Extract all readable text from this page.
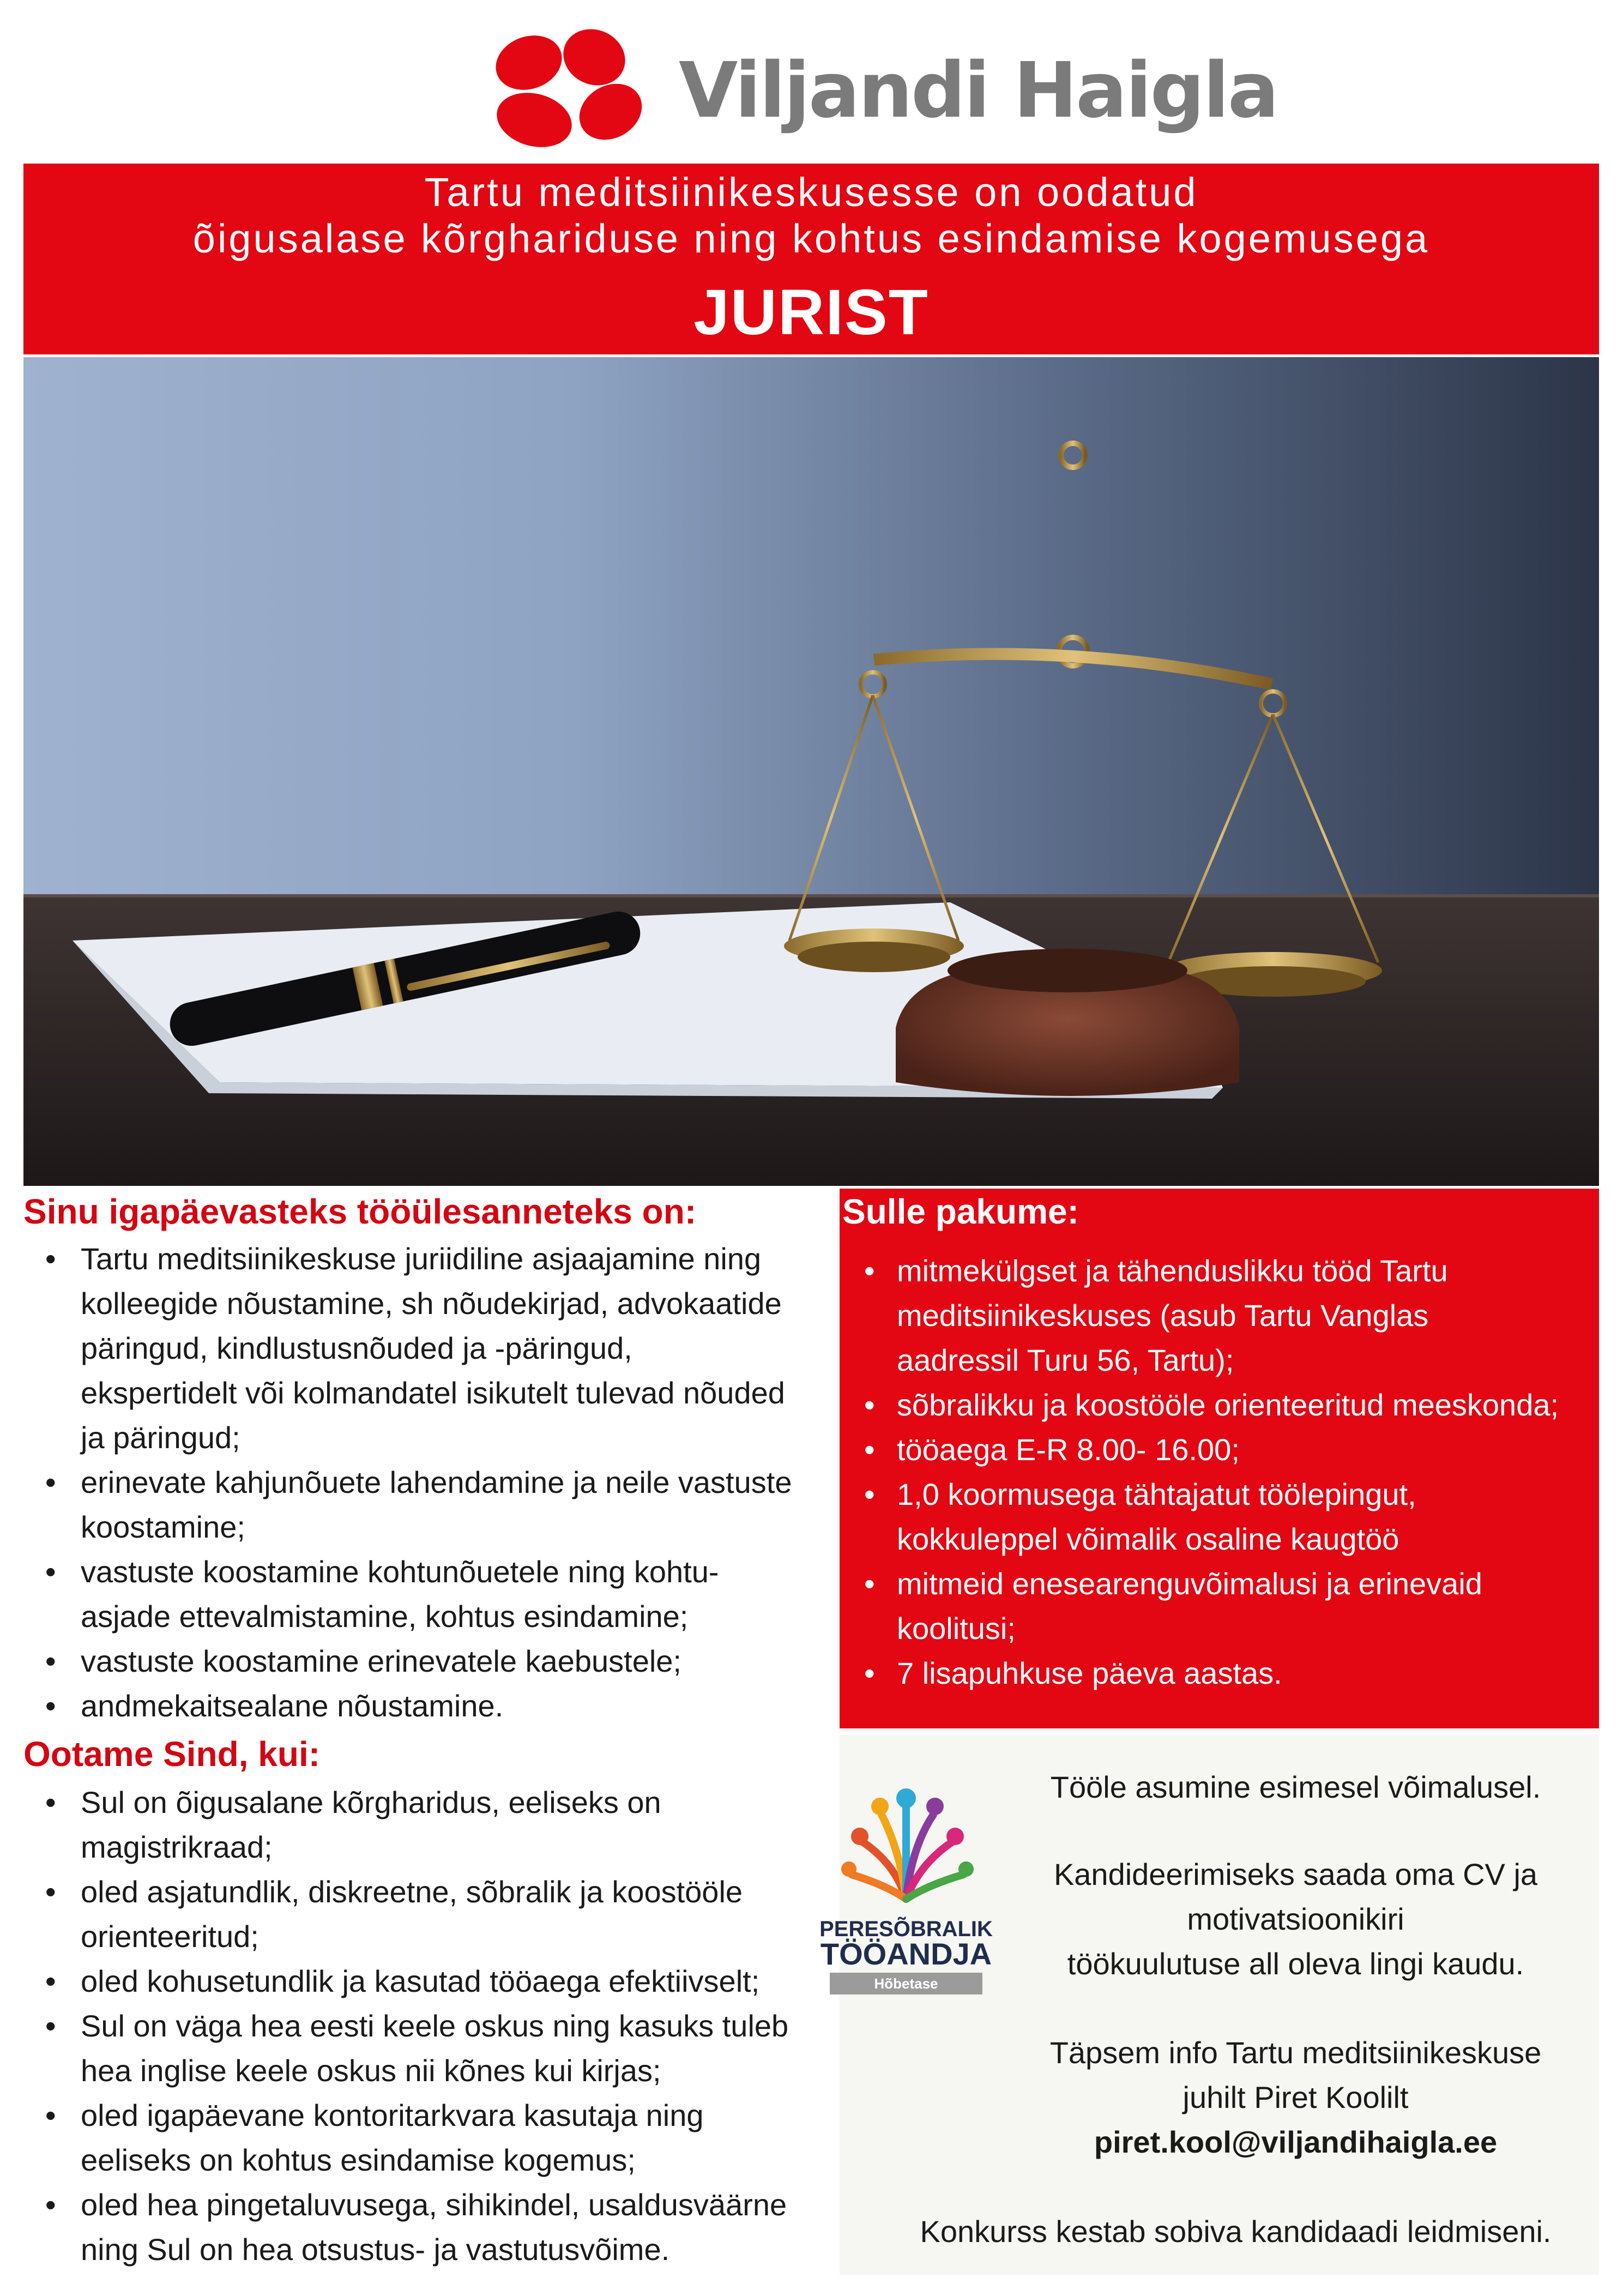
Viljandi Haigla
Tartu meditsiinikeskusesse on oodatud
õigusalase kõrghariduse ning kohtus esindamise kogemusega
JURIST
Sinu igapäevasteks tööülesanneteks on:
• Tartu meditsiinikeskuse juriidiline asjaajamine ning
kolleegide nõustamine, sh nõudekirjad, advokaatide
päringud, kindlustusnõuded ja -päringud,
ekspertidelt või kolmandatel isikutelt tulevad nõuded
ja päringud;
• erinevate kahjunõuete lahendamine ja neile vastuste
koostamine;
• vastuste koostamine kohtunõuetele ning kohtu-
asjade ettevalmistamine, kohtus esindamine;
• vastuste koostamine erinevatele kaebustele;
• andmekaitsealane nõustamine.
Ootame Sind, kui:
• Sul on õigusalane kõrgharidus, eeliseks on
magistrikraad;
• oled asjatundlik, diskreetne, sõbralik ja koostööle
orienteeritud;
• oled kohusetundlik ja kasutad tööaega efektiivselt;
• Sul on väga hea eesti keele oskus ning kasuks tuleb
hea inglise keele oskus nii kõnes kui kirjas;
• oled igapäevane kontoritarkvara kasutaja ning
eeliseks on kohtus esindamise kogemus;
• oled hea pingetaluvusega, sihikindel, usaldusväärne
ning Sul on hea otsustus- ja vastutusvõime.
Sulle pakume:
• mitmekülgset ja tähenduslikku tööd Tartu
meditsiinikeskuses (asub Tartu Vanglas
aadressil Turu 56, Tartu);
• sõbralikku ja koostööle orienteeritud meeskonda;
• tööaega E-R 8.00- 16.00;
• 1,0 koormusega tähtajatut töölepingut,
kokkuleppel võimalik osaline kaugtöö
• mitmeid enesearenguvõimalusi ja erinevaid
koolitusi;
• 7 lisapuhkuse päeva aastas.

Tööle asumine esimesel võimalusel.

Kandideerimiseks saada oma CV ja

motivatsioonikiri

töökuulutuse all oleva lingi kaudu.

Täpsem info Tartu meditsiinikeskuse

juhilt Piret Koolilt

piret.kool@viljandihaigla.ee

Konkurss kestab sobiva kandidaadi leidmiseni.

PERESÕBRALIK
TÖÖANDJA
Hõbetase
